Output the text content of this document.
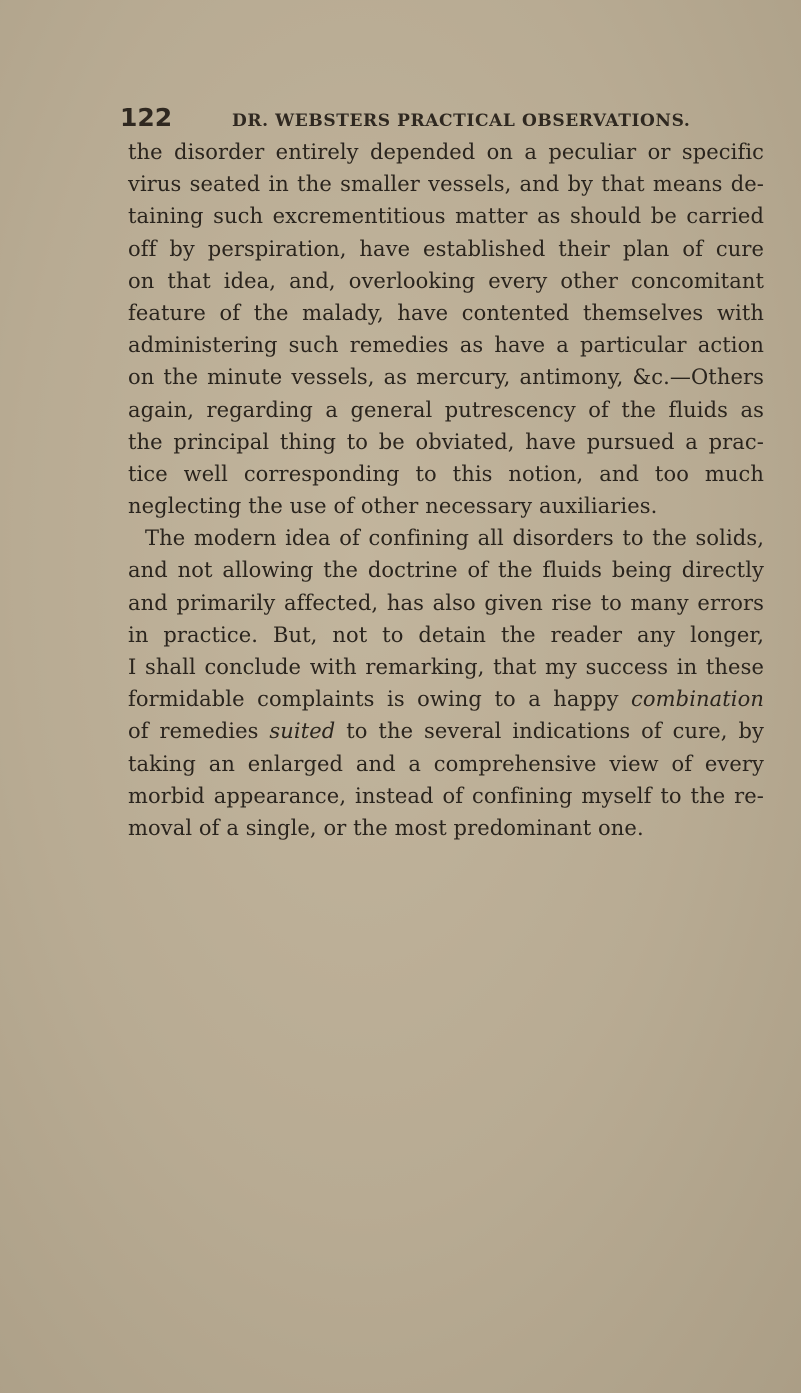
122	DR. WEBSTERS PRACTICAL OBSERVATIONS.
the disorder entirely depended on a peculiar or specific
virus seated in the smaller vessels, and by that means de-
taining such excrementitious matter as should be carried
off by perspiration, have established their plan of cure
on that idea, and, overlooking every other concomitant
feature of the malady, have contented themselves with
administering such remedies as have a particular action
on the minute vessels, as mercury, antimony, &c.—Others
again, regarding a general putrescency of the fluids as
the principal thing to be obviated, have pursued a prac-
tice well corresponding to this notion, and too much
neglecting the use of other necessary auxiliaries.
The modern idea of confining all disorders to the solids,
and not allowing the doctrine of the fluids being directly
and primarily affected, has also given rise to many errors
in practice. But, not to detain the reader any longer,
I shall conclude with remarking, that my success in these
formidable complaints is owing to a happy combination
of remedies suited to the several indications of cure, by
taking an enlarged and a comprehensive view of every
morbid appearance, instead of confining myself to the re-
moval of a single, or the most predominant one.
